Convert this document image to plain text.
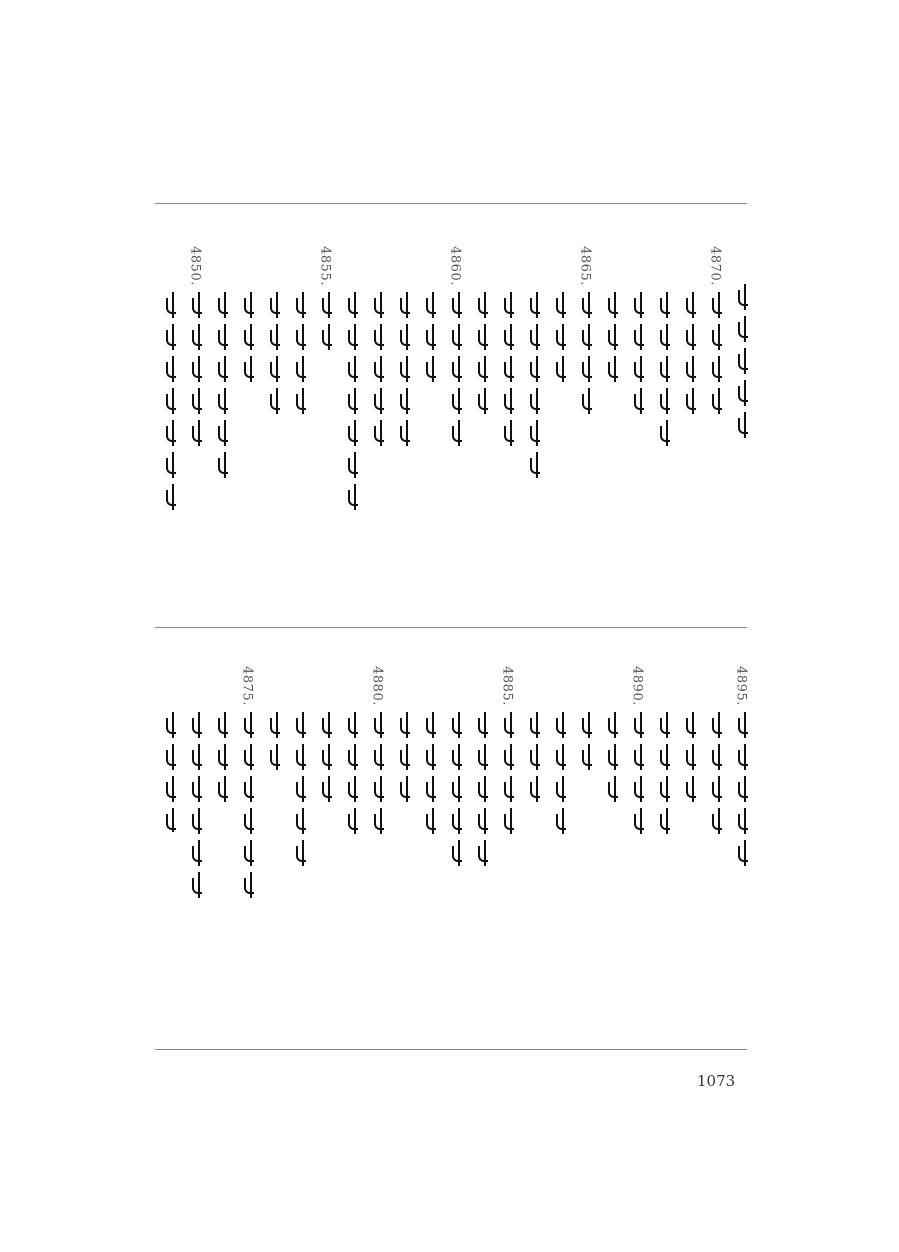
4870.
4865.
4860.
4855.
4850.
4895.
4890.
4885.
4880.
4875.
1073
